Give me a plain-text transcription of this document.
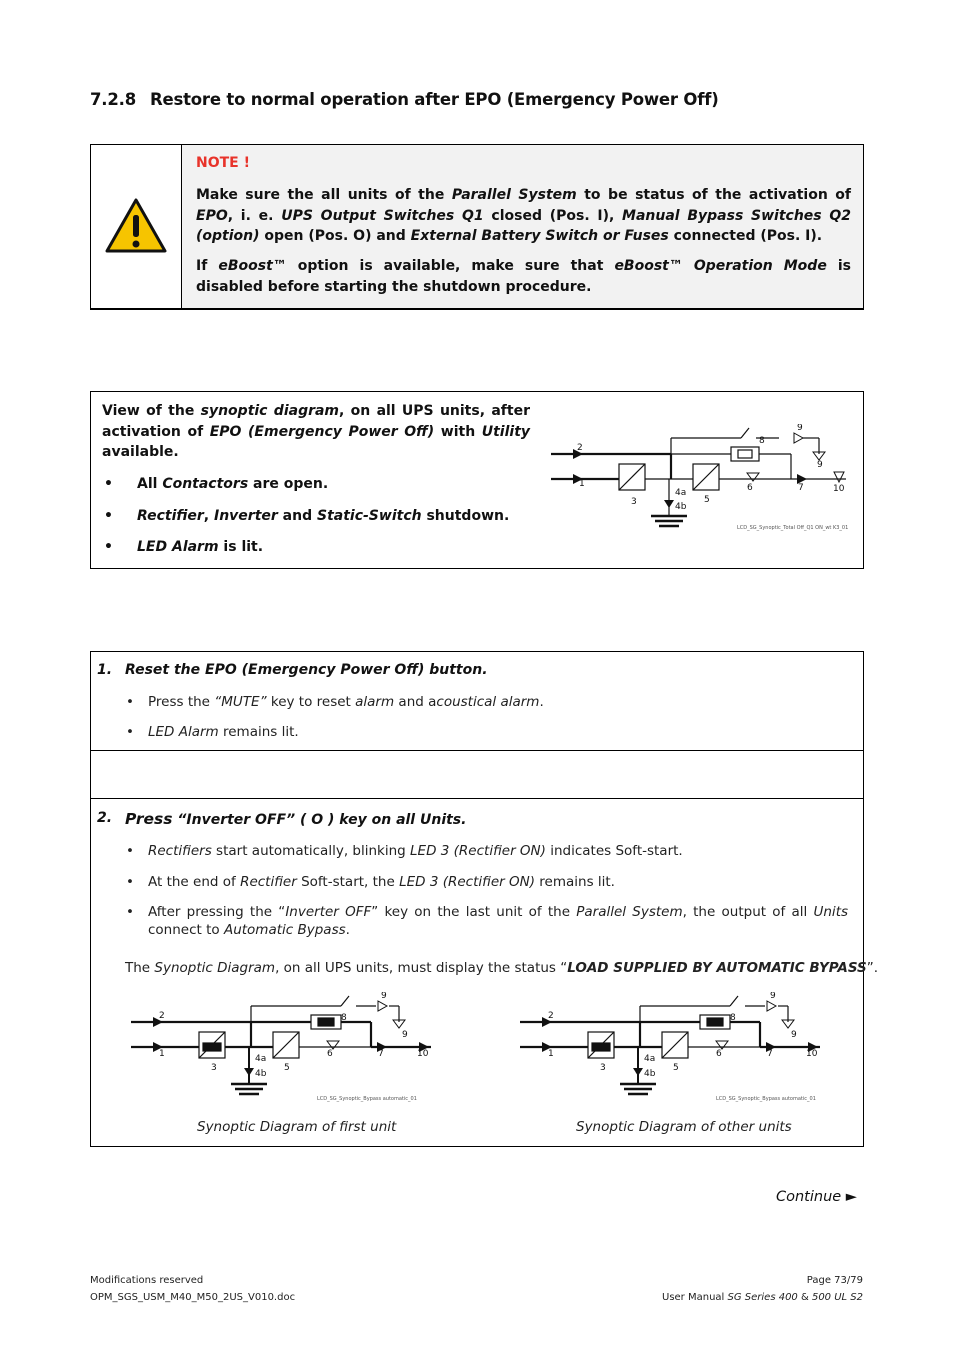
7.2.8 Restore to normal operation after EPO (Emergency Power Off)
NOTE !
Make sure the all units of the Parallel System to be status of the activation of EPO, i. e. UPS Output Switches Q1 closed (Pos. I), Manual Bypass Switches Q2 (option) open (Pos. O) and External Battery Switch or Fuses connected (Pos. I).
If eBoost™ option is available, make sure that eBoost™ Operation Mode is disabled before starting the shutdown procedure.
View of the synoptic diagram, on all UPS units, after activation of EPO (Emergency Power Off) with Utility available.
• All Contactors are open.
• Rectifier, Inverter and Static-Switch shutdown.
• LED Alarm is lit.
1
2
3
4a
4b
5
6	7
8
9
9
10
LCD_SG_Synoptic_Total Off_Q1 ON_wt K3_01
1. Reset the EPO (Emergency Power Off) button.
• Press the “MUTE” key to reset alarm and acoustical alarm.
• LED Alarm remains lit.
2. Press “Inverter OFF” ( O ) key on all Units.
• Rectifiers start automatically, blinking LED 3 (Rectifier ON) indicates Soft-start.
• At the end of Rectifier Soft-start, the LED 3 (Rectifier ON) remains lit.
• After pressing the “Inverter OFF” key on the last unit of the Parallel System, the output of all Units connect to Automatic Bypass.
The Synoptic Diagram, on all UPS units, must display the status “LOAD SUPPLIED BY AUTOMATIC BYPASS”.
1
2
3
4a
4b
5
6	7
8
9
9
10
LCD_SG_Synoptic_Bypass automatic_01
1
2
3
4a
4b
5
6	7
8
9
9
10
LCD_SG_Synoptic_Bypass automatic_01
Synoptic Diagram of first unit	Synoptic Diagram of other units
Continue ►
Modifications reserved
OPM_SGS_USM_M40_M50_2US_V010.doc
Page 73/79
User Manual SG Series 400 & 500 UL S2
